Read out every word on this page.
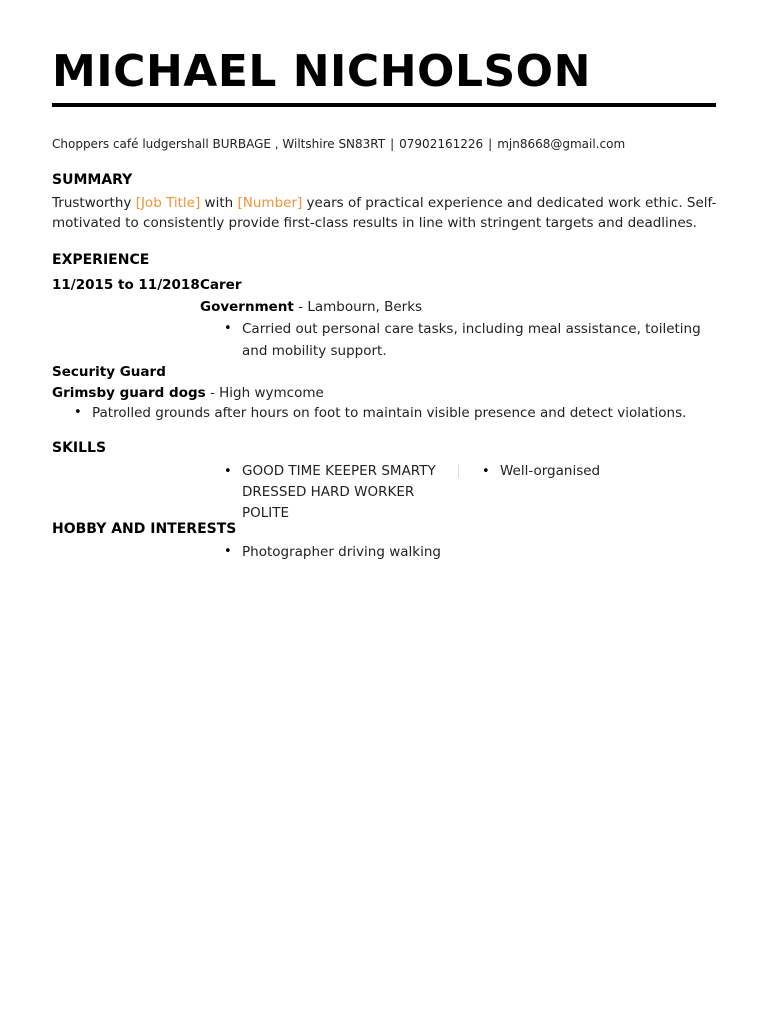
MICHAEL NICHOLSON
Choppers café ludgershall BURBAGE , Wiltshire SN83RT | 07902161226 | mjn8668@gmail.com
SUMMARY
Trustworthy [Job Title] with [Number] years of practical experience and dedicated work ethic. Self-motivated to consistently provide first-class results in line with stringent targets and deadlines.
EXPERIENCE
11/2015 to 11/2018 Carer
Government - Lambourn, Berks
• Carried out personal care tasks, including meal assistance, toileting and mobility support.
Security Guard
Grimsby guard dogs - High wymcome
• Patrolled grounds after hours on foot to maintain visible presence and detect violations.
SKILLS
• GOOD TIME KEEPER SMARTY DRESSED HARD WORKER POLITE
• Well-organised
HOBBY AND INTERESTS
• Photographer driving walking
